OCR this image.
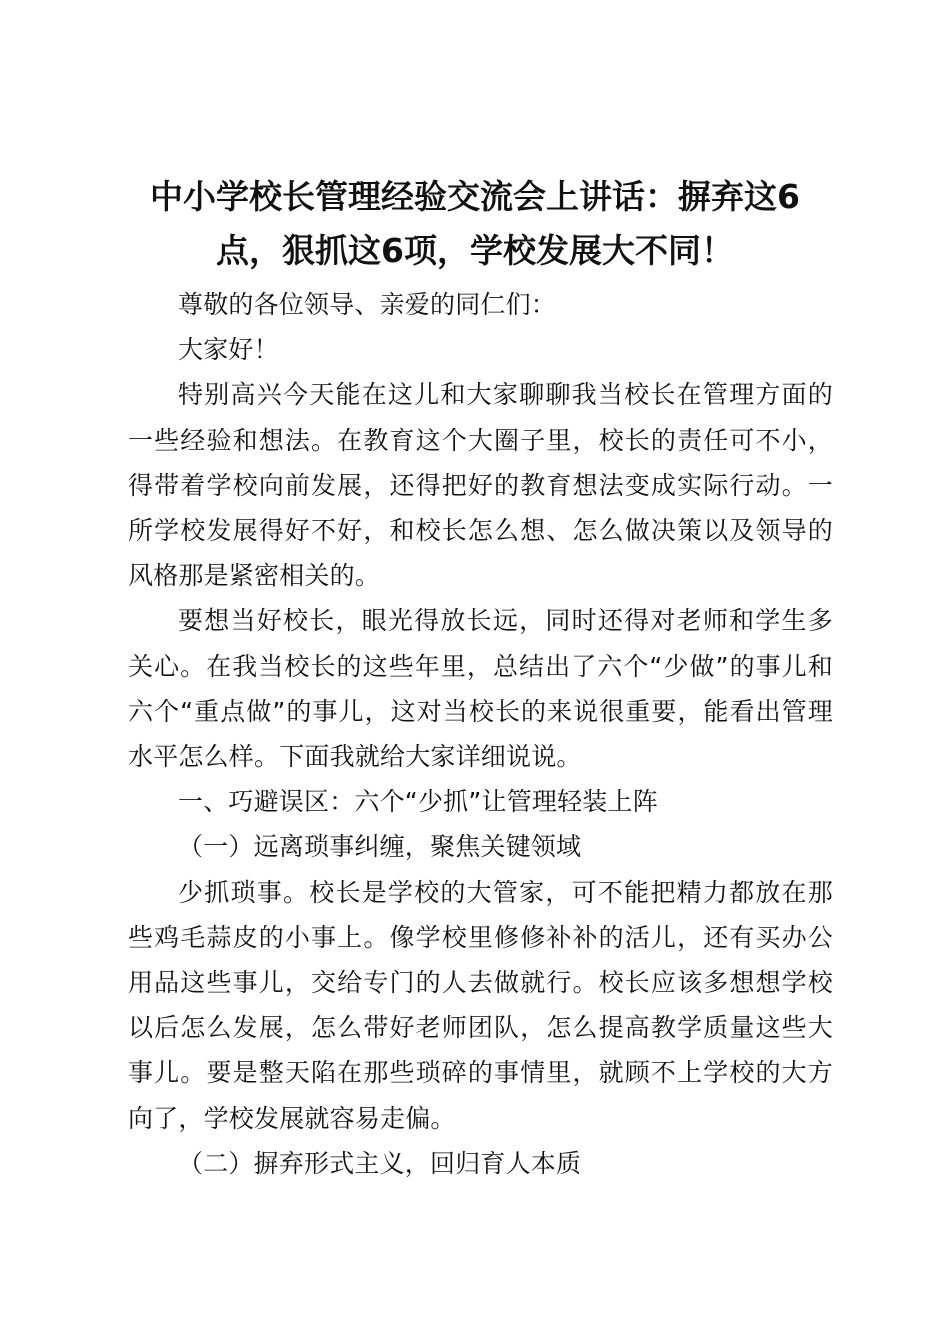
中小学校长管理经验交流会上讲话：摒弃这6点，狠抓这6项，学校发展大不同！

尊敬的各位领导、亲爱的同仁们：

大家好！

特别高兴今天能在这儿和大家聊聊我当校长在管理方面的一些经验和想法。在教育这个大圈子里，校长的责任可不小，得带着学校向前发展，还得把好的教育想法变成实际行动。一所学校发展得好不好，和校长怎么想、怎么做决策以及领导的风格那是紧密相关的。

要想当好校长，眼光得放长远，同时还得对老师和学生多关心。在我当校长的这些年里，总结出了六个“少做”的事儿和六个“重点做”的事儿，这对当校长的来说很重要，能看出管理水平怎么样。下面我就给大家详细说说。

一、巧避误区：六个“少抓”让管理轻装上阵

（一）远离琐事纠缠，聚焦关键领域

少抓琐事。校长是学校的大管家，可不能把精力都放在那些鸡毛蒜皮的小事上。像学校里修修补补的活儿，还有买办公用品这些事儿，交给专门的人去做就行。校长应该多想想学校以后怎么发展，怎么带好老师团队，怎么提高教学质量这些大事儿。要是整天陷在那些琐碎的事情里，就顾不上学校的大方向了，学校发展就容易走偏。

（二）摒弃形式主义，回归育人本质
